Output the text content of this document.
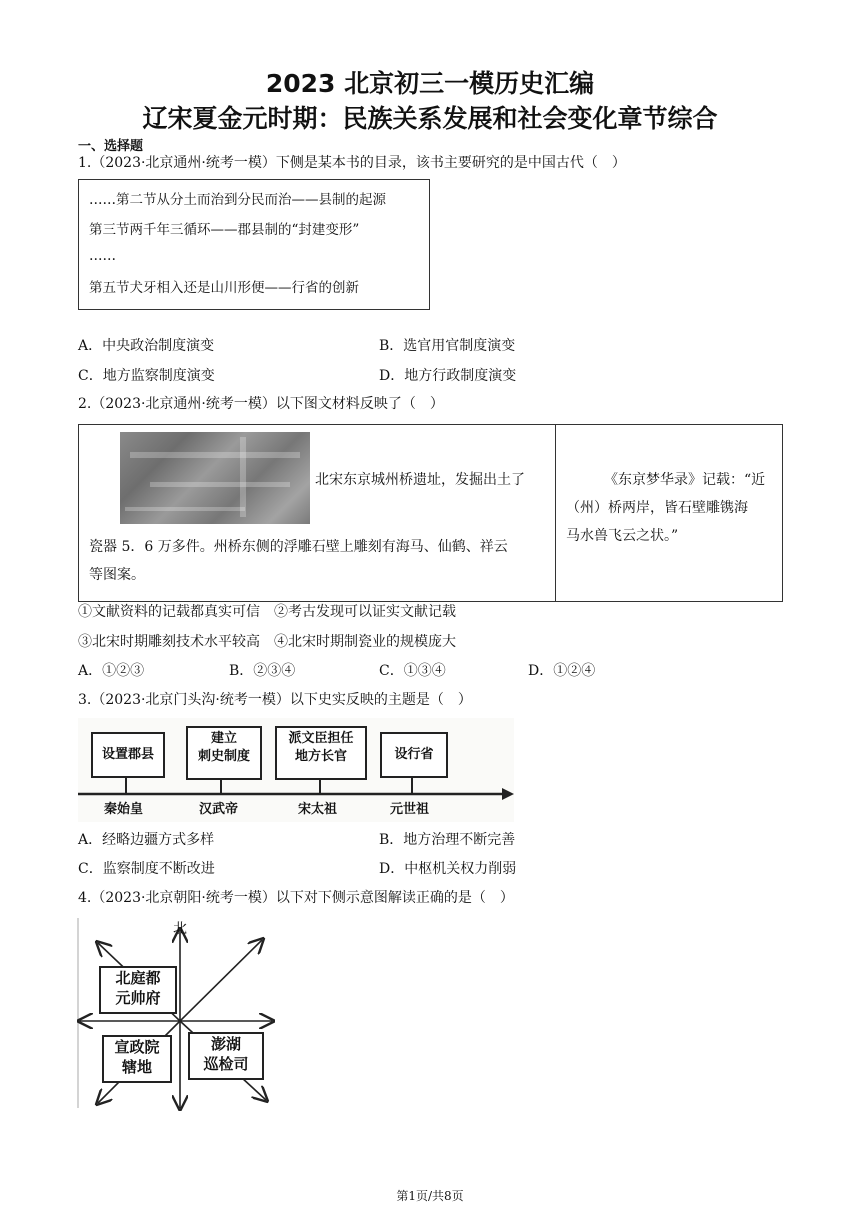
2023 北京初三一模历史汇编
辽宋夏金元时期：民族关系发展和社会变化章节综合
一、选择题
1.（2023·北京通州·统考一模）下侧是某本书的目录，该书主要研究的是中国古代（　）
……第二节从分土而治到分民而治——县制的起源
第三节两千年三循环——郡县制的“封建变形”
……
第五节犬牙相入还是山川形便——行省的创新
A．中央政治制度演变	B．选官用官制度演变
C．地方监察制度演变	D．地方行政制度演变
2.（2023·北京通州·统考一模）以下图文材料反映了（　）
北宋东京城州桥遗址，发掘出土了
瓷器 5．6 万多件。州桥东侧的浮雕石壁上雕刻有海马、仙鹤、祥云
等图案。
《东京梦华录》记载：“近
（州）桥两岸，皆石壁雕镌海
马水兽飞云之状。”
①文献资料的记载都真实可信　②考古发现可以证实文献记载
③北宋时期雕刻技术水平较高　④北宋时期制瓷业的规模庞大
A．①②③	B．②③④	C．①③④	D．①②④
3.（2023·北京门头沟·统考一模）以下史实反映的主题是（　）
设置郡县
建立
刺史制度
派文臣担任
地方长官	设行省
秦始皇	汉武帝	宋太祖	元世祖
A．经略边疆方式多样	B．地方治理不断完善
C．监察制度不断改进	D．中枢机关权力削弱
4.（2023·北京朝阳·统考一模）以下对下侧示意图解读正确的是（　）
北
北庭都
元帅府
宣政院
辖地
澎湖
巡检司
第1页/共8页
